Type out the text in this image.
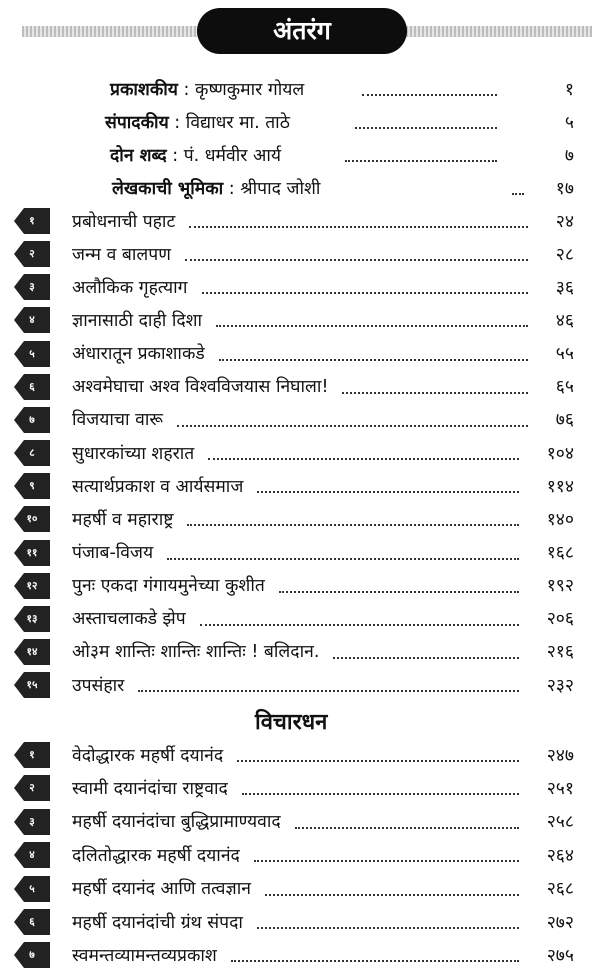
अंतरंग
प्रकाशकीय : कृष्णकुमार गोयल	१
संपादकीय : विद्याधर मा. ताठे	५
दोन शब्द : पं. धर्मवीर आर्य	७
लेखकाची भूमिका : श्रीपाद जोशी	१७
१	प्रबोधनाची पहाट	२४
२	जन्म व बालपण	२८
३	अलौकिक गृहत्याग	३६
४	ज्ञानासाठी दाही दिशा	४६
५	अंधारातून प्रकाशाकडे	५५
६	अश्वमेघाचा अश्व विश्वविजयास निघाला!	६५
७	विजयाचा वारू	७६
८	सुधारकांच्या शहरात	१०४
९	सत्यार्थप्रकाश व आर्यसमाज	११४
१०	महर्षी व महाराष्ट्र	१४०
११	पंजाब-विजय	१६८
१२	पुनः एकदा गंगायमुनेच्या कुशीत	१९२
१३	अस्ताचलाकडे झेप	२०६
१४	ओ३म शान्तिः शान्तिः शान्तिः ! बलिदान.	२१६
१५	उपसंहार	२३२
विचारधन
१	वेदोद्धारक महर्षी दयानंद	२४७
२	स्वामी दयानंदांचा राष्ट्रवाद	२५१
३	महर्षी दयानंदांचा बुद्धिप्रामाण्यवाद	२५८
४	दलितोद्धारक महर्षी दयानंद	२६४
५	महर्षी दयानंद आणि तत्वज्ञान	२६८
६	महर्षी दयानंदांची ग्रंथ संपदा	२७२
७	स्वमन्तव्यामन्तव्यप्रकाश	२७५
